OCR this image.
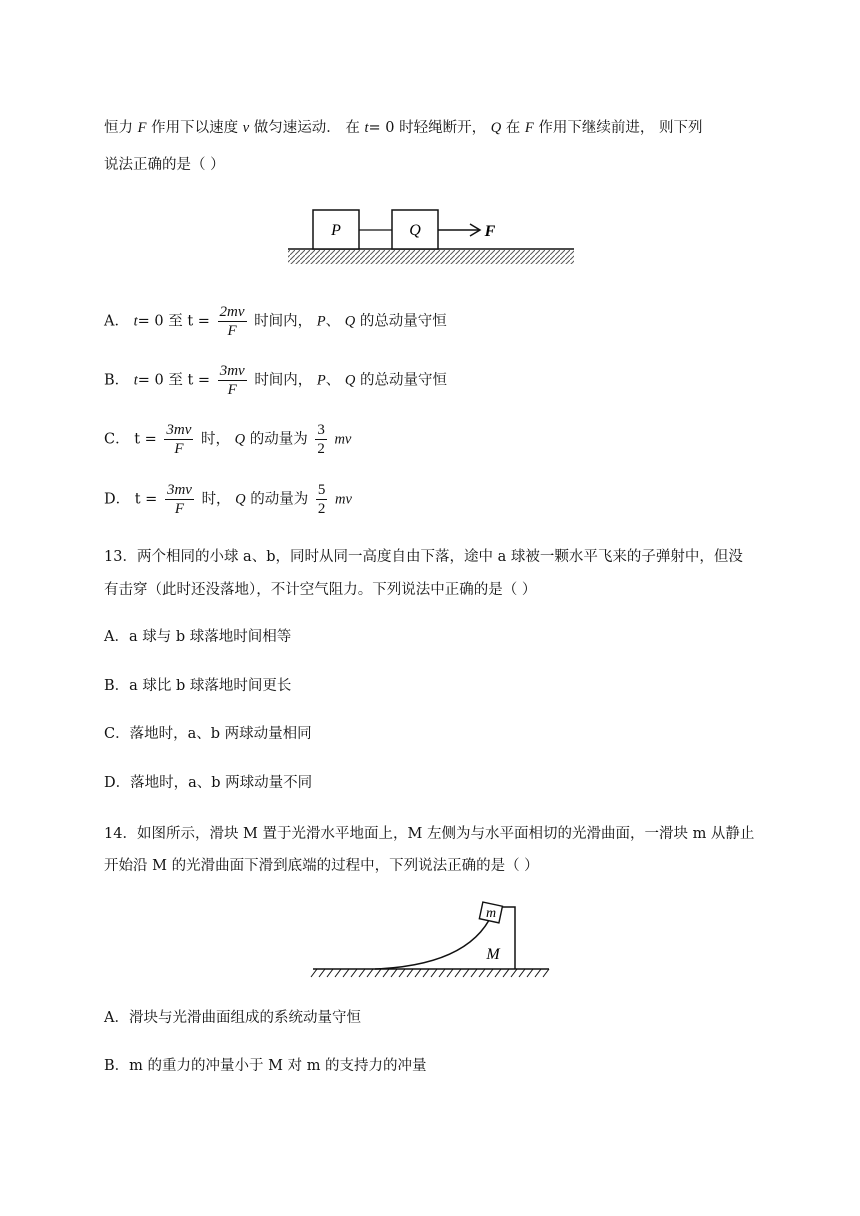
恒力 F 作用下以速度 v 做匀速运动． 在 t= 0 时轻绳断开， Q 在 F 作用下继续前进， 则下列
说法正确的是（ ）
P	Q	F
A． t= 0 至 $t = \frac{2mv}{F}$ 时间内， P、 Q 的总动量守恒
B． t= 0 至 $t = \frac{3mv}{F}$ 时间内， P、 Q 的总动量守恒
C． $t = \frac{3mv}{F}$ 时， Q 的动量为 $\frac{3}{2}$ mv
D． $t = \frac{3mv}{F}$ 时， Q 的动量为 $\frac{5}{2}$ mv
13．两个相同的小球 a、b，同时从同一高度自由下落，途中 a 球被一颗水平飞来的子弹射中，但没
有击穿（此时还没落地），不计空气阻力。下列说法中正确的是（ ）
A．a 球与 b 球落地时间相等
B．a 球比 b 球落地时间更长
C．落地时，a、b 两球动量相同
D．落地时，a、b 两球动量不同
14．如图所示，滑块 M 置于光滑水平地面上，M 左侧为与水平面相切的光滑曲面，一滑块 m 从静止
开始沿 M 的光滑曲面下滑到底端的过程中，下列说法正确的是（ ）
m
M
A．滑块与光滑曲面组成的系统动量守恒
B．m 的重力的冲量小于 M 对 m 的支持力的冲量
